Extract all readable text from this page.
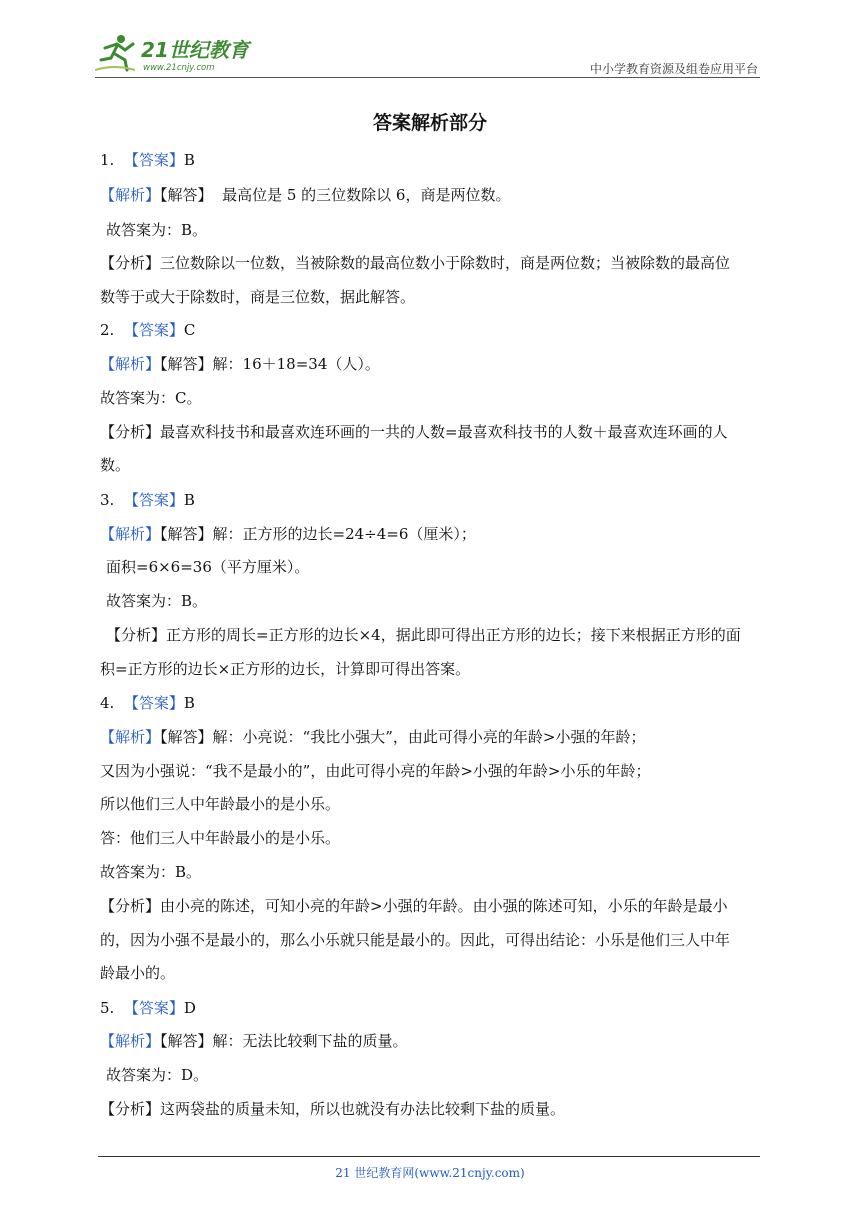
21世纪教育
www.21cnjy.com	中小学教育资源及组卷应用平台
答案解析部分
1. 【答案】B
【解析】【解答】 最高位是 5 的三位数除以 6，商是两位数。
故答案为：B。
【分析】三位数除以一位数，当被除数的最高位数小于除数时，商是两位数；当被除数的最高位
数等于或大于除数时，商是三位数，据此解答。
2. 【答案】C
【解析】【解答】解：16＋18=34（人）。
故答案为：C。
【分析】最喜欢科技书和最喜欢连环画的一共的人数=最喜欢科技书的人数＋最喜欢连环画的人
数。
3. 【答案】B
【解析】【解答】解：正方形的边长=24÷4=6（厘米）；
面积=6×6=36（平方厘米）。
故答案为：B。
【分析】正方形的周长=正方形的边长×4，据此即可得出正方形的边长；接下来根据正方形的面
积=正方形的边长×正方形的边长，计算即可得出答案。
4. 【答案】B
【解析】【解答】解：小亮说：“我比小强大”，由此可得小亮的年龄>小强的年龄；
又因为小强说：“我不是最小的”，由此可得小亮的年龄>小强的年龄>小乐的年龄；
所以他们三人中年龄最小的是小乐。
答：他们三人中年龄最小的是小乐。
故答案为：B。
【分析】由小亮的陈述，可知小亮的年龄>小强的年龄。由小强的陈述可知，小乐的年龄是最小
的，因为小强不是最小的，那么小乐就只能是最小的。因此，可得出结论：小乐是他们三人中年
龄最小的。
5. 【答案】D
【解析】【解答】解：无法比较剩下盐的质量。
故答案为：D。
【分析】这两袋盐的质量未知，所以也就没有办法比较剩下盐的质量。
21 世纪教育网(www.21cnjy.com)
